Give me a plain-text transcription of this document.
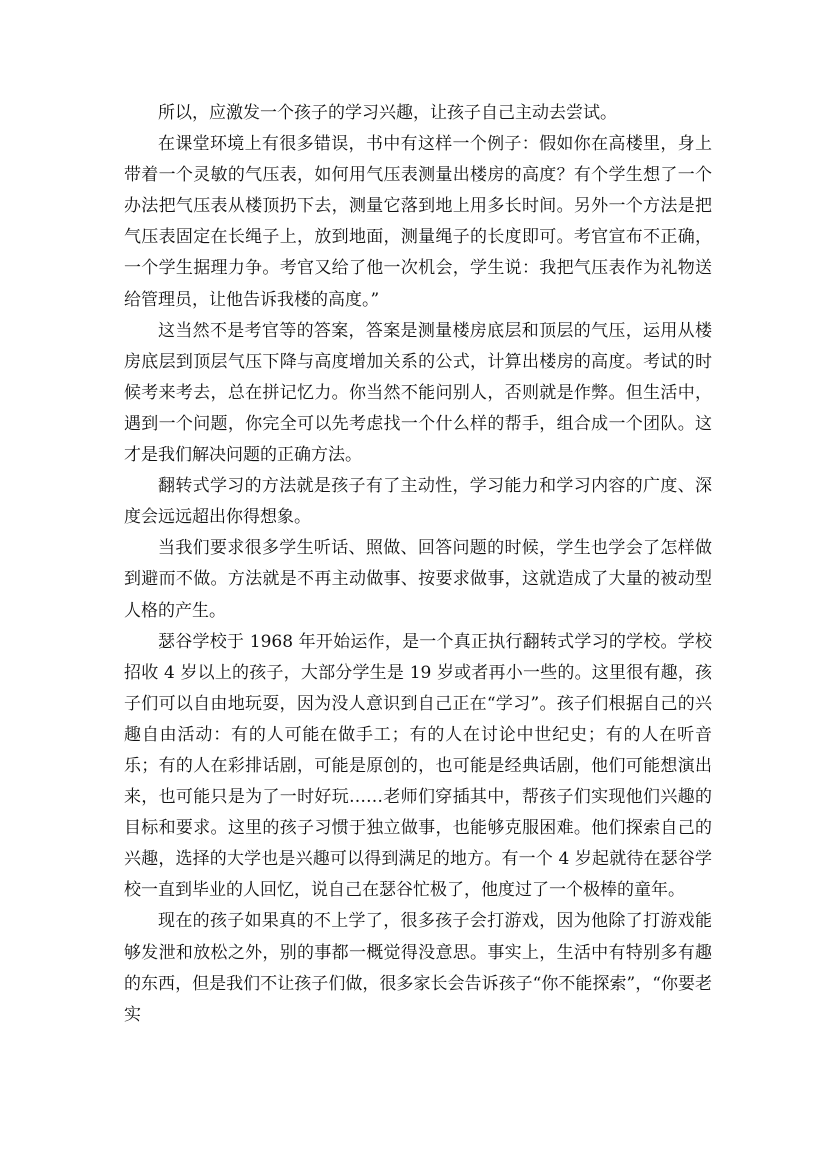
所以，应激发一个孩子的学习兴趣，让孩子自己主动去尝试。

在课堂环境上有很多错误，书中有这样一个例子：假如你在高楼里，身上带着一个灵敏的气压表，如何用气压表测量出楼房的高度？有个学生想了一个办法把气压表从楼顶扔下去，测量它落到地上用多长时间。另外一个方法是把气压表固定在长绳子上，放到地面，测量绳子的长度即可。考官宣布不正确，一个学生据理力争。考官又给了他一次机会，学生说：我把气压表作为礼物送给管理员，让他告诉我楼的高度。”

这当然不是考官等的答案，答案是测量楼房底层和顶层的气压，运用从楼房底层到顶层气压下降与高度增加关系的公式，计算出楼房的高度。考试的时候考来考去，总在拼记忆力。你当然不能问别人，否则就是作弊。但生活中，遇到一个问题，你完全可以先考虑找一个什么样的帮手，组合成一个团队。这才是我们解决问题的正确方法。

翻转式学习的方法就是孩子有了主动性，学习能力和学习内容的广度、深度会远远超出你得想象。

当我们要求很多学生听话、照做、回答问题的时候，学生也学会了怎样做到避而不做。方法就是不再主动做事、按要求做事，这就造成了大量的被动型人格的产生。

瑟谷学校于 1968 年开始运作，是一个真正执行翻转式学习的学校。学校招收 4 岁以上的孩子，大部分学生是 19 岁或者再小一些的。这里很有趣，孩子们可以自由地玩耍，因为没人意识到自己正在“学习”。孩子们根据自己的兴趣自由活动：有的人可能在做手工；有的人在讨论中世纪史；有的人在听音乐；有的人在彩排话剧，可能是原创的，也可能是经典话剧，他们可能想演出来，也可能只是为了一时好玩……老师们穿插其中，帮孩子们实现他们兴趣的目标和要求。这里的孩子习惯于独立做事，也能够克服困难。他们探索自己的兴趣，选择的大学也是兴趣可以得到满足的地方。有一个 4 岁起就待在瑟谷学校一直到毕业的人回忆，说自己在瑟谷忙极了，他度过了一个极棒的童年。

现在的孩子如果真的不上学了，很多孩子会打游戏，因为他除了打游戏能够发泄和放松之外，别的事都一概觉得没意思。事实上，生活中有特别多有趣的东西，但是我们不让孩子们做，很多家长会告诉孩子“你不能探索”，“你要老实
